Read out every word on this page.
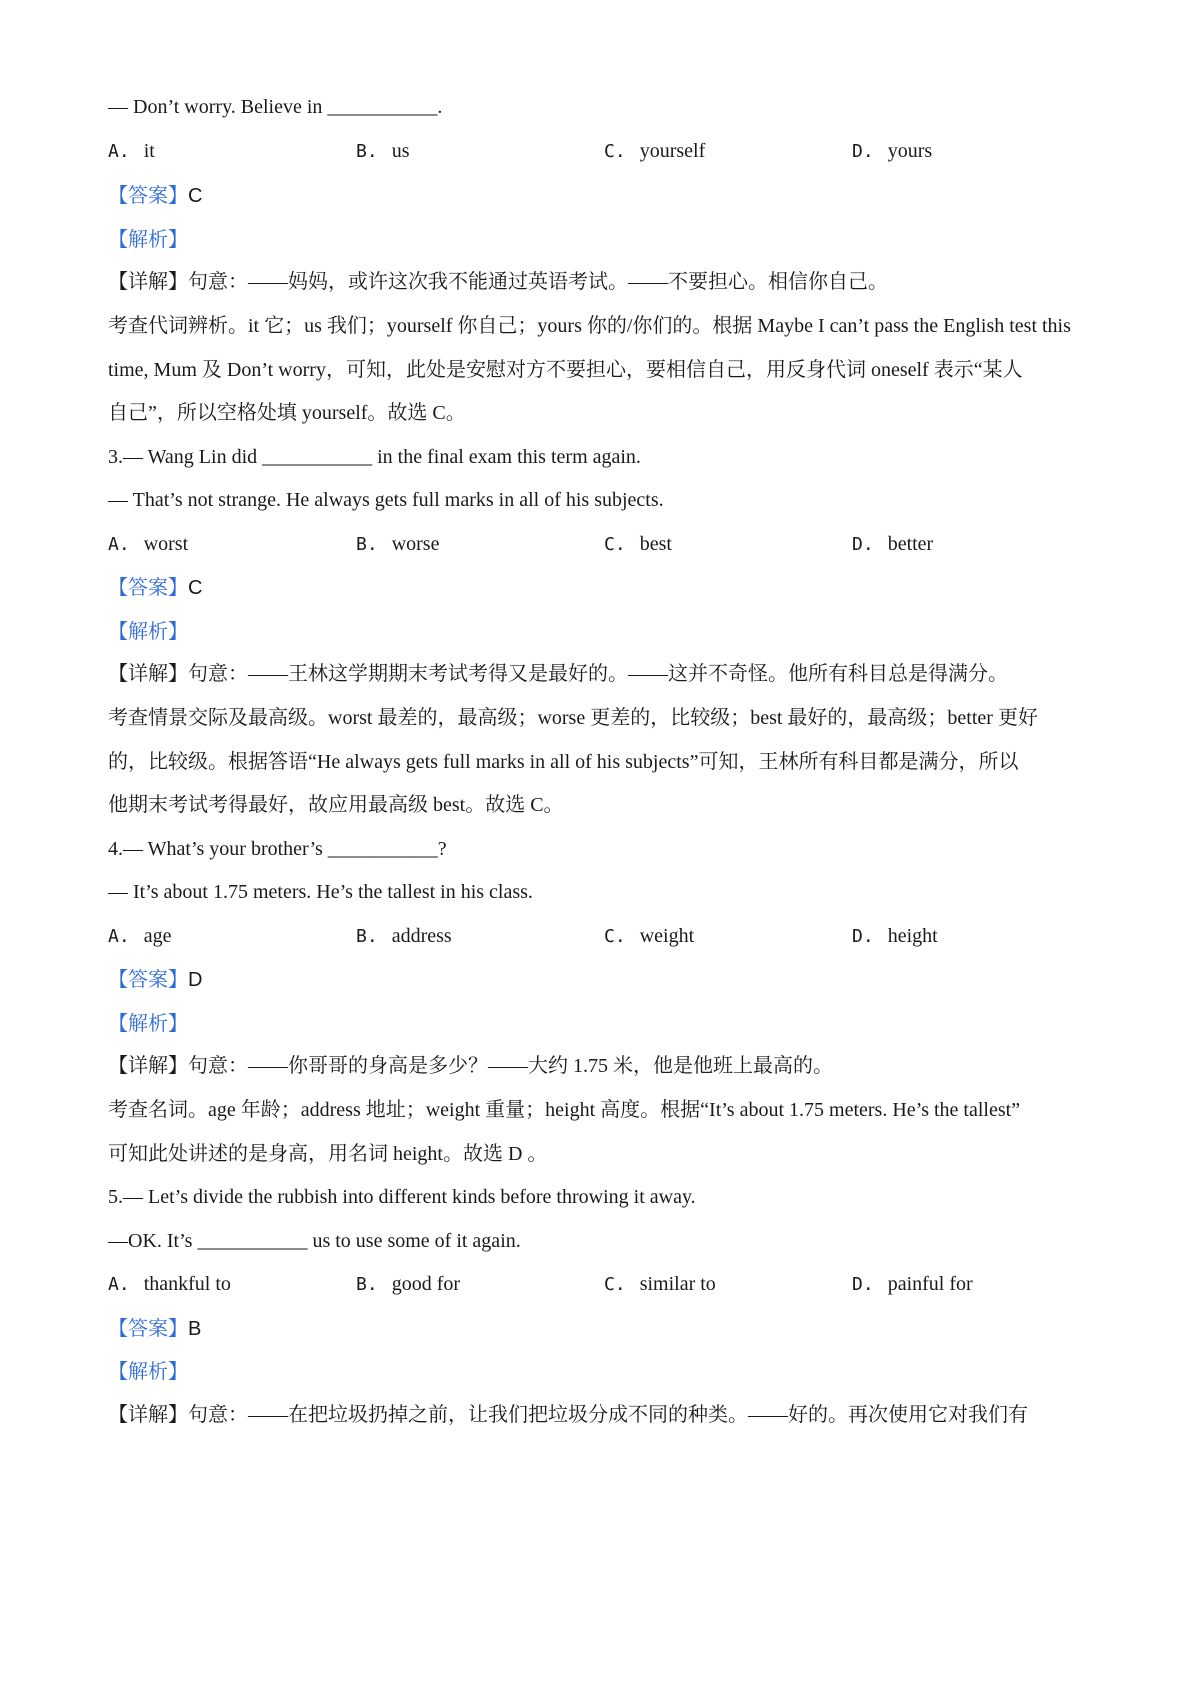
— Don’t worry. Believe in ___________.
A. it	B. us	C. yourself	D. yours
【答案】C
【解析】
【详解】句意：——妈妈，或许这次我不能通过英语考试。——不要担心。相信你自己。
考查代词辨析。it 它；us 我们；yourself 你自己；yours 你的/你们的。根据 Maybe I can’t pass the English test this
time, Mum 及 Don’t worry，可知，此处是安慰对方不要担心，要相信自己，用反身代词 oneself 表示“某人
自己”，所以空格处填 yourself。故选 C。
3.— Wang Lin did ___________ in the final exam this term again.
— That’s not strange. He always gets full marks in all of his subjects.
A. worst	B. worse	C. best	D. better
【答案】C
【解析】
【详解】句意：——王林这学期期末考试考得又是最好的。——这并不奇怪。他所有科目总是得满分。
考查情景交际及最高级。worst 最差的，最高级；worse 更差的，比较级；best 最好的，最高级；better 更好
的，比较级。根据答语“He always gets full marks in all of his subjects”可知，王林所有科目都是满分，所以
他期末考试考得最好，故应用最高级 best。故选 C。
4.— What’s your brother’s ___________?
— It’s about 1.75 meters. He’s the tallest in his class.
A. age	B. address	C. weight	D. height
【答案】D
【解析】
【详解】句意：——你哥哥的身高是多少？——大约 1.75 米，他是他班上最高的。
考查名词。age 年龄；address 地址；weight 重量；height 高度。根据“It’s about 1.75 meters. He’s the tallest”
可知此处讲述的是身高，用名词 height。故选 D 。
5.— Let’s divide the rubbish into different kinds before throwing it away.
—OK. It’s ___________ us to use some of it again.
A. thankful to	B. good for	C. similar to	D. painful for
【答案】B
【解析】
【详解】句意：——在把垃圾扔掉之前，让我们把垃圾分成不同的种类。——好的。再次使用它对我们有
